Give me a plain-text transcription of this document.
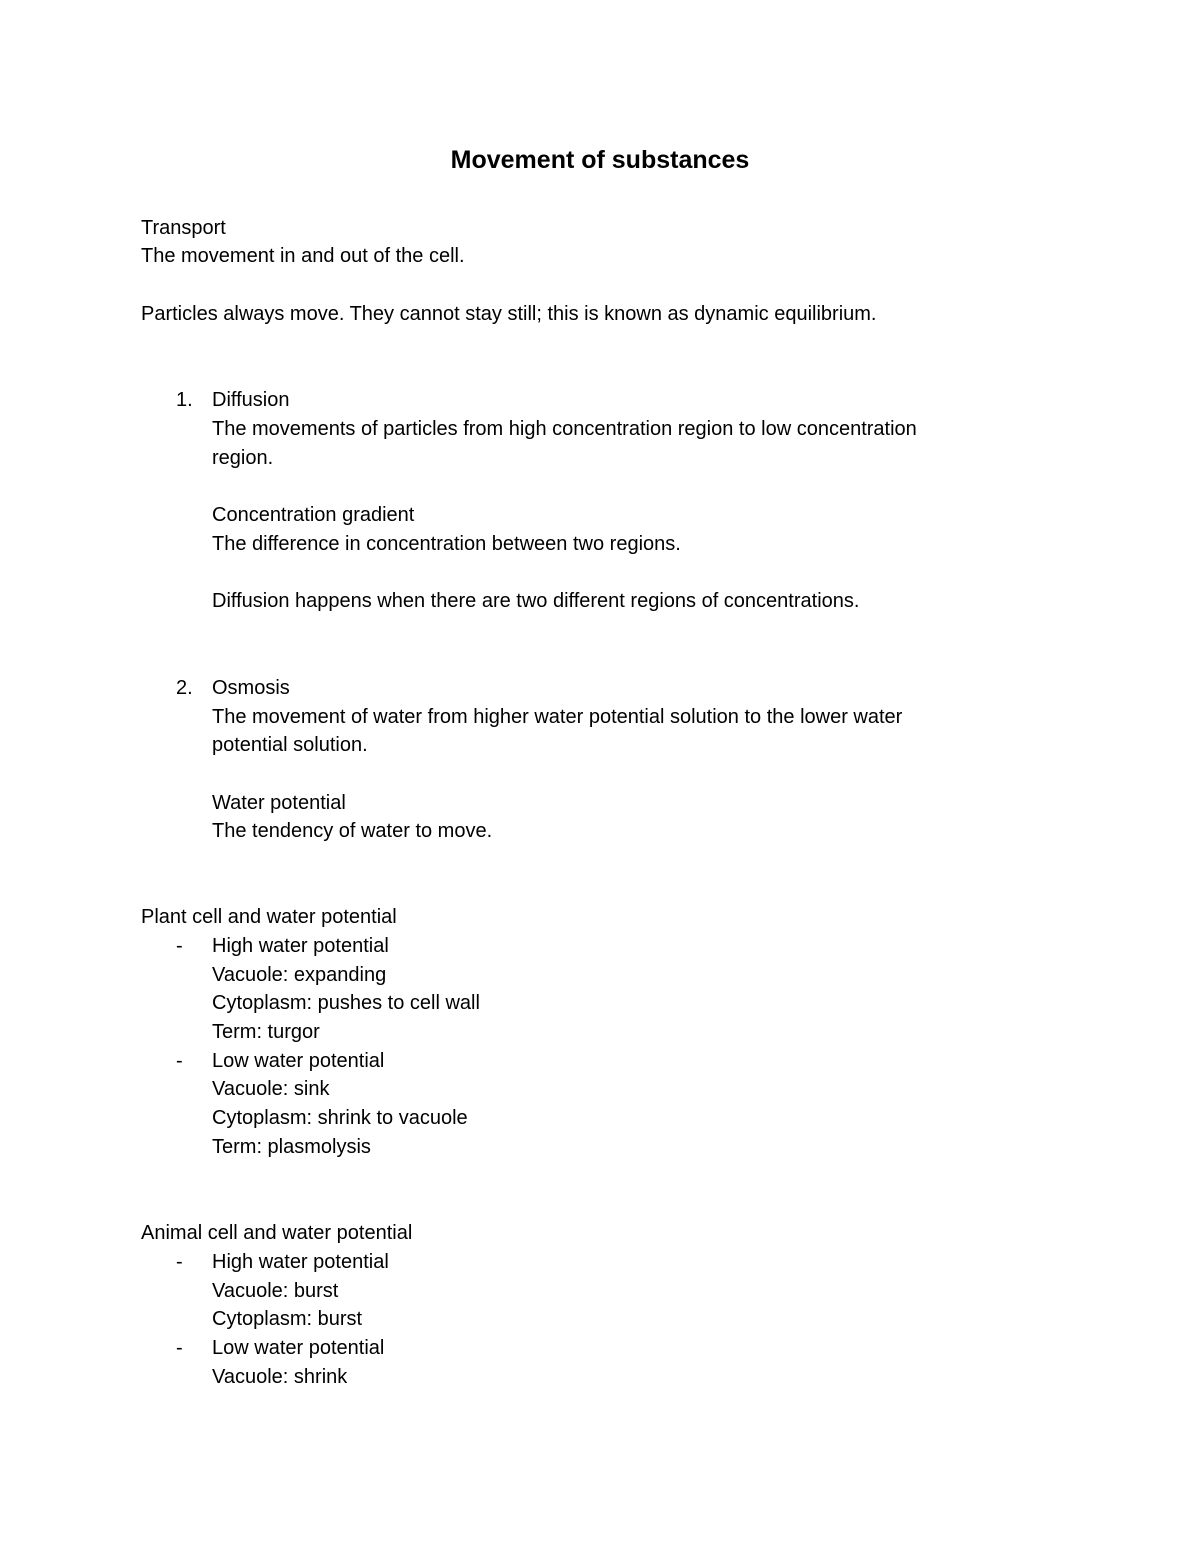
Movement of substances
Transport
The movement in and out of the cell.
Particles always move. They cannot stay still; this is known as dynamic equilibrium.
1. Diffusion
The movements of particles from high concentration region to low concentration
region.
Concentration gradient
The difference in concentration between two regions.
Diffusion happens when there are two different regions of concentrations.
2. Osmosis
The movement of water from higher water potential solution to the lower water
potential solution.
Water potential
The tendency of water to move.
Plant cell and water potential
- High water potential
Vacuole: expanding
Cytoplasm: pushes to cell wall
Term: turgor
- Low water potential
Vacuole: sink
Cytoplasm: shrink to vacuole
Term: plasmolysis
Animal cell and water potential
- High water potential
Vacuole: burst
Cytoplasm: burst
- Low water potential
Vacuole: shrink
